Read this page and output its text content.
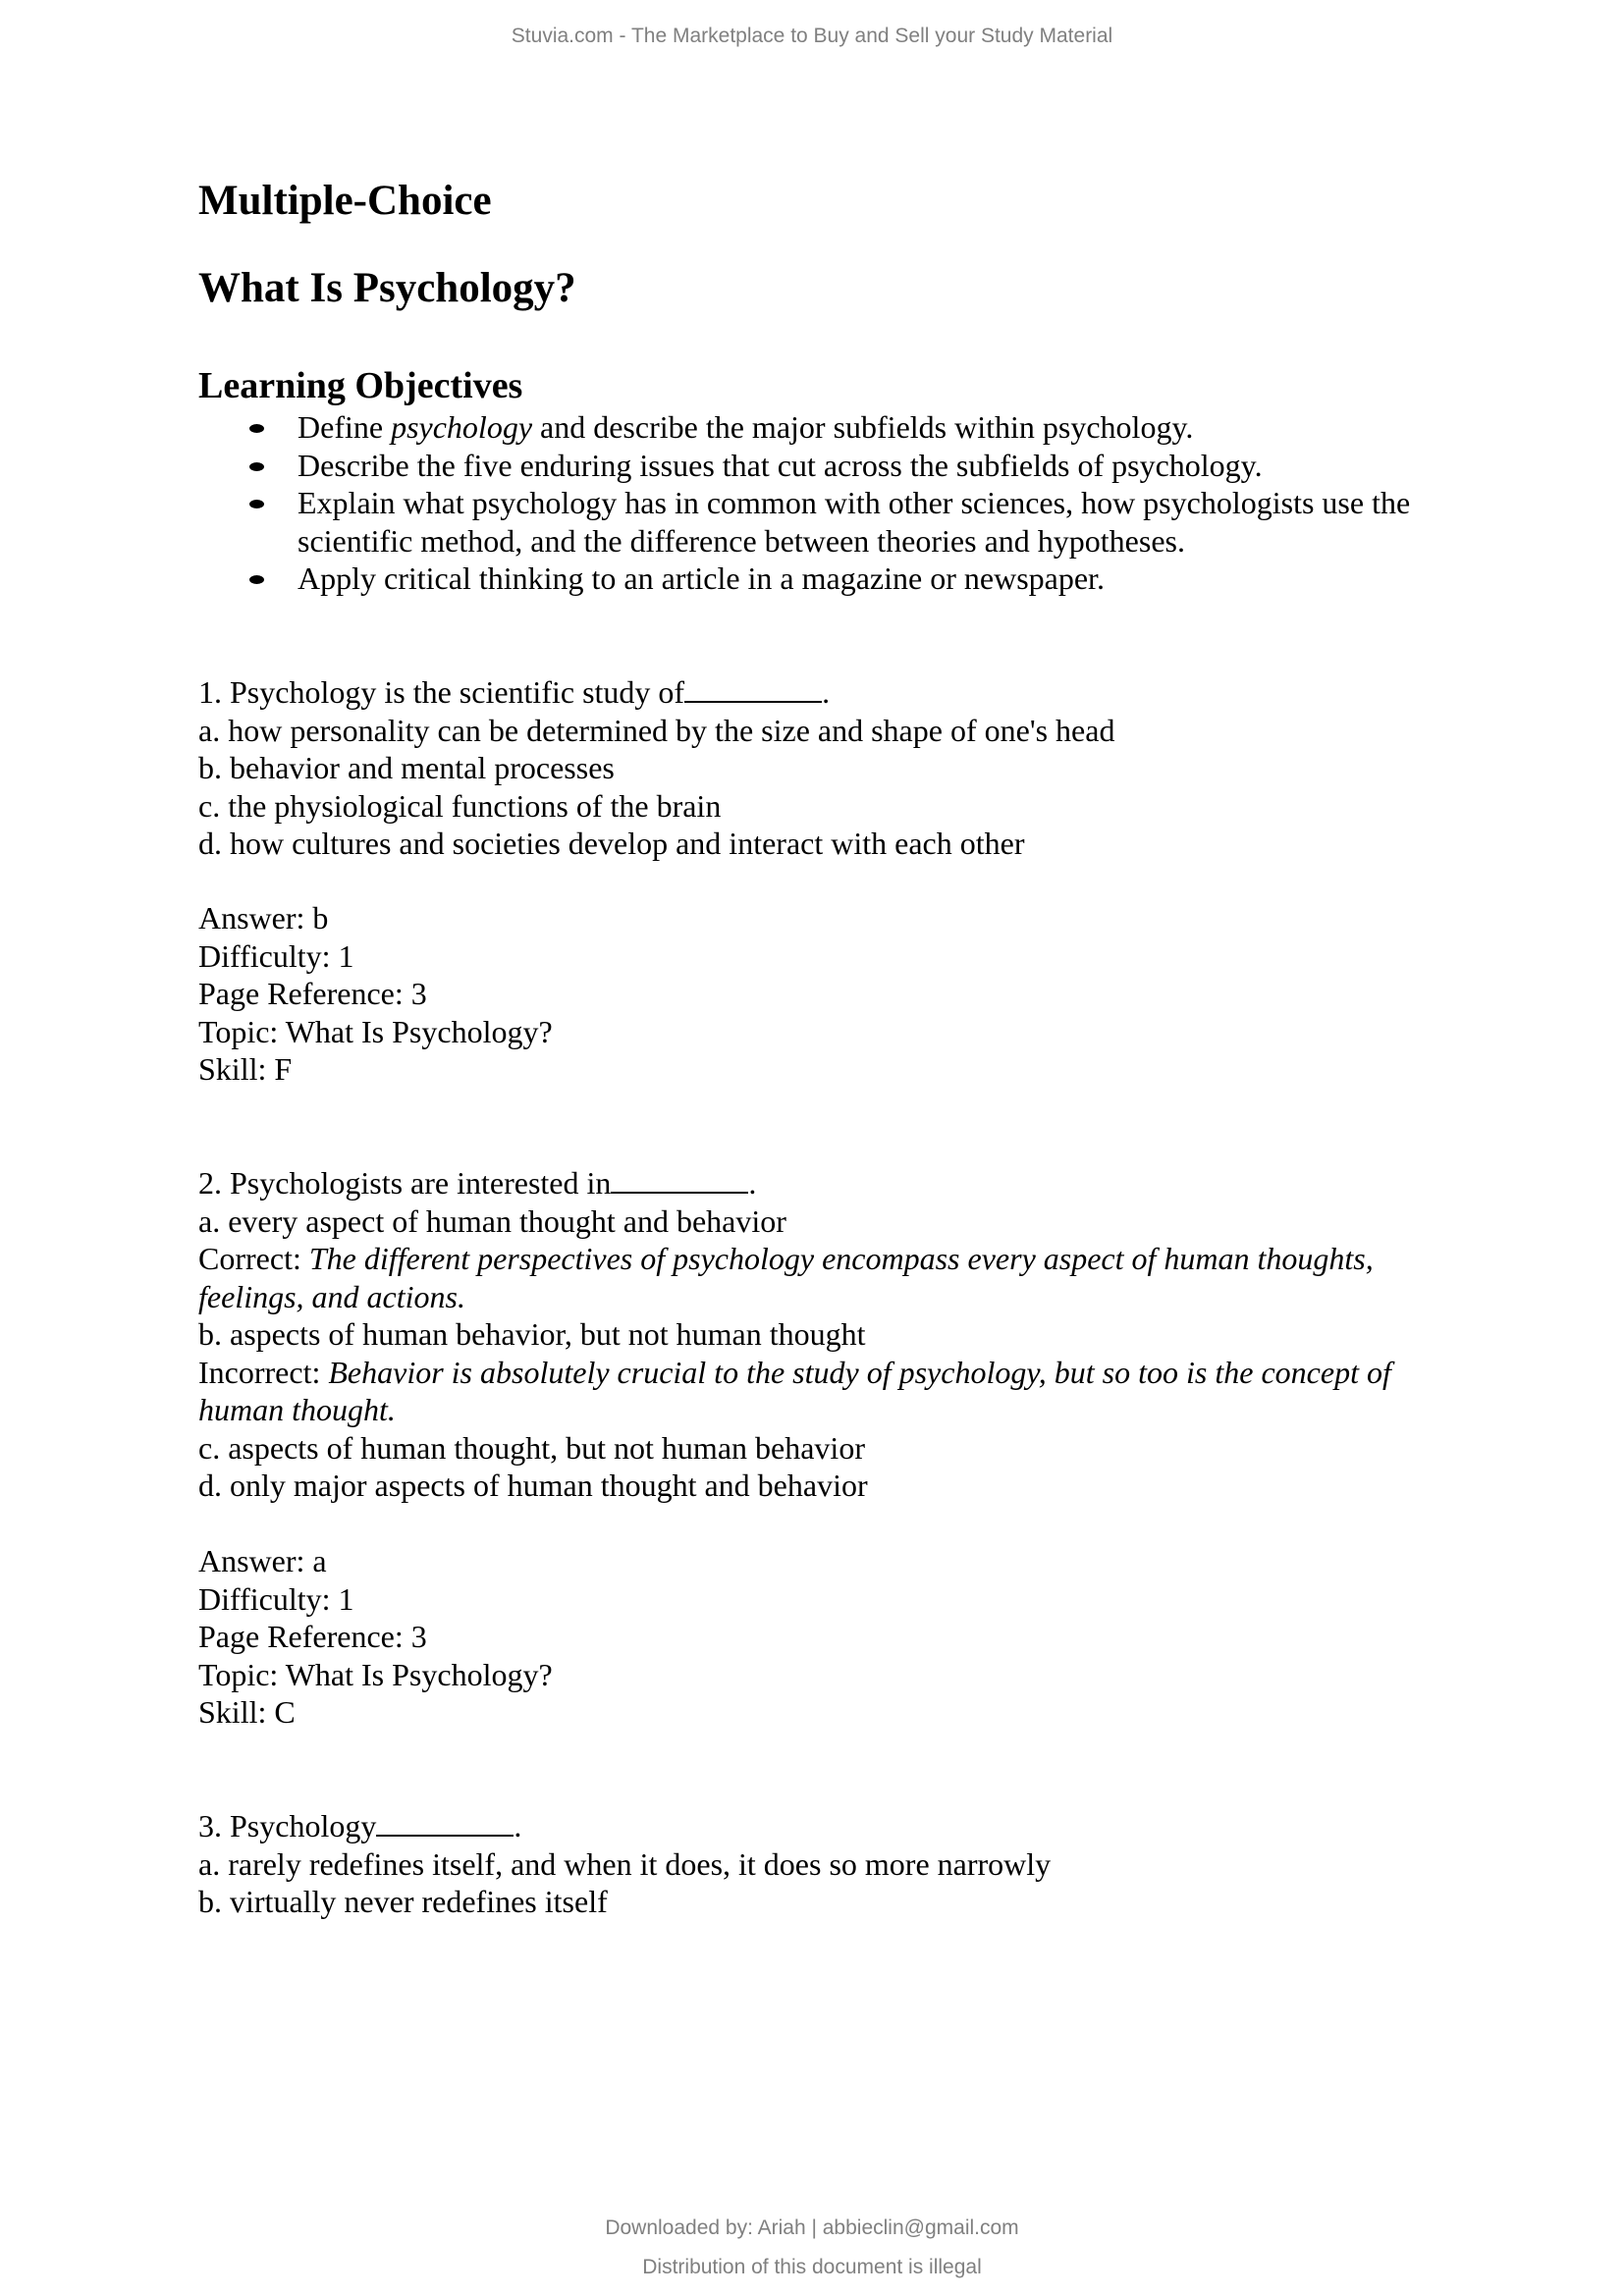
Stuvia.com - The Marketplace to Buy and Sell your Study Material
Multiple-Choice
What Is Psychology?
Learning Objectives
Define psychology and describe the major subfields within psychology.
Describe the five enduring issues that cut across the subfields of psychology.
Explain what psychology has in common with other sciences, how psychologists use the
scientific method, and the difference between theories and hypotheses.
Apply critical thinking to an article in a magazine or newspaper.
1. Psychology is the scientific study of	.
a. how personality can be determined by the size and shape of one's head
b. behavior and mental processes
c. the physiological functions of the brain
d. how cultures and societies develop and interact with each other
Answer: b
Difficulty: 1
Page Reference: 3
Topic: What Is Psychology?
Skill: F
2. Psychologists are interested in	.
a. every aspect of human thought and behavior
Correct: The different perspectives of psychology encompass every aspect of human thoughts,
feelings, and actions.
b. aspects of human behavior, but not human thought
Incorrect: Behavior is absolutely crucial to the study of psychology, but so too is the concept of
human thought.
c. aspects of human thought, but not human behavior
d. only major aspects of human thought and behavior
Answer: a
Difficulty: 1
Page Reference: 3
Topic: What Is Psychology?
Skill: C
3. Psychology	.
a. rarely redefines itself, and when it does, it does so more narrowly
b. virtually never redefines itself
Downloaded by: Ariah | abbieclin@gmail.com
Distribution of this document is illegal
